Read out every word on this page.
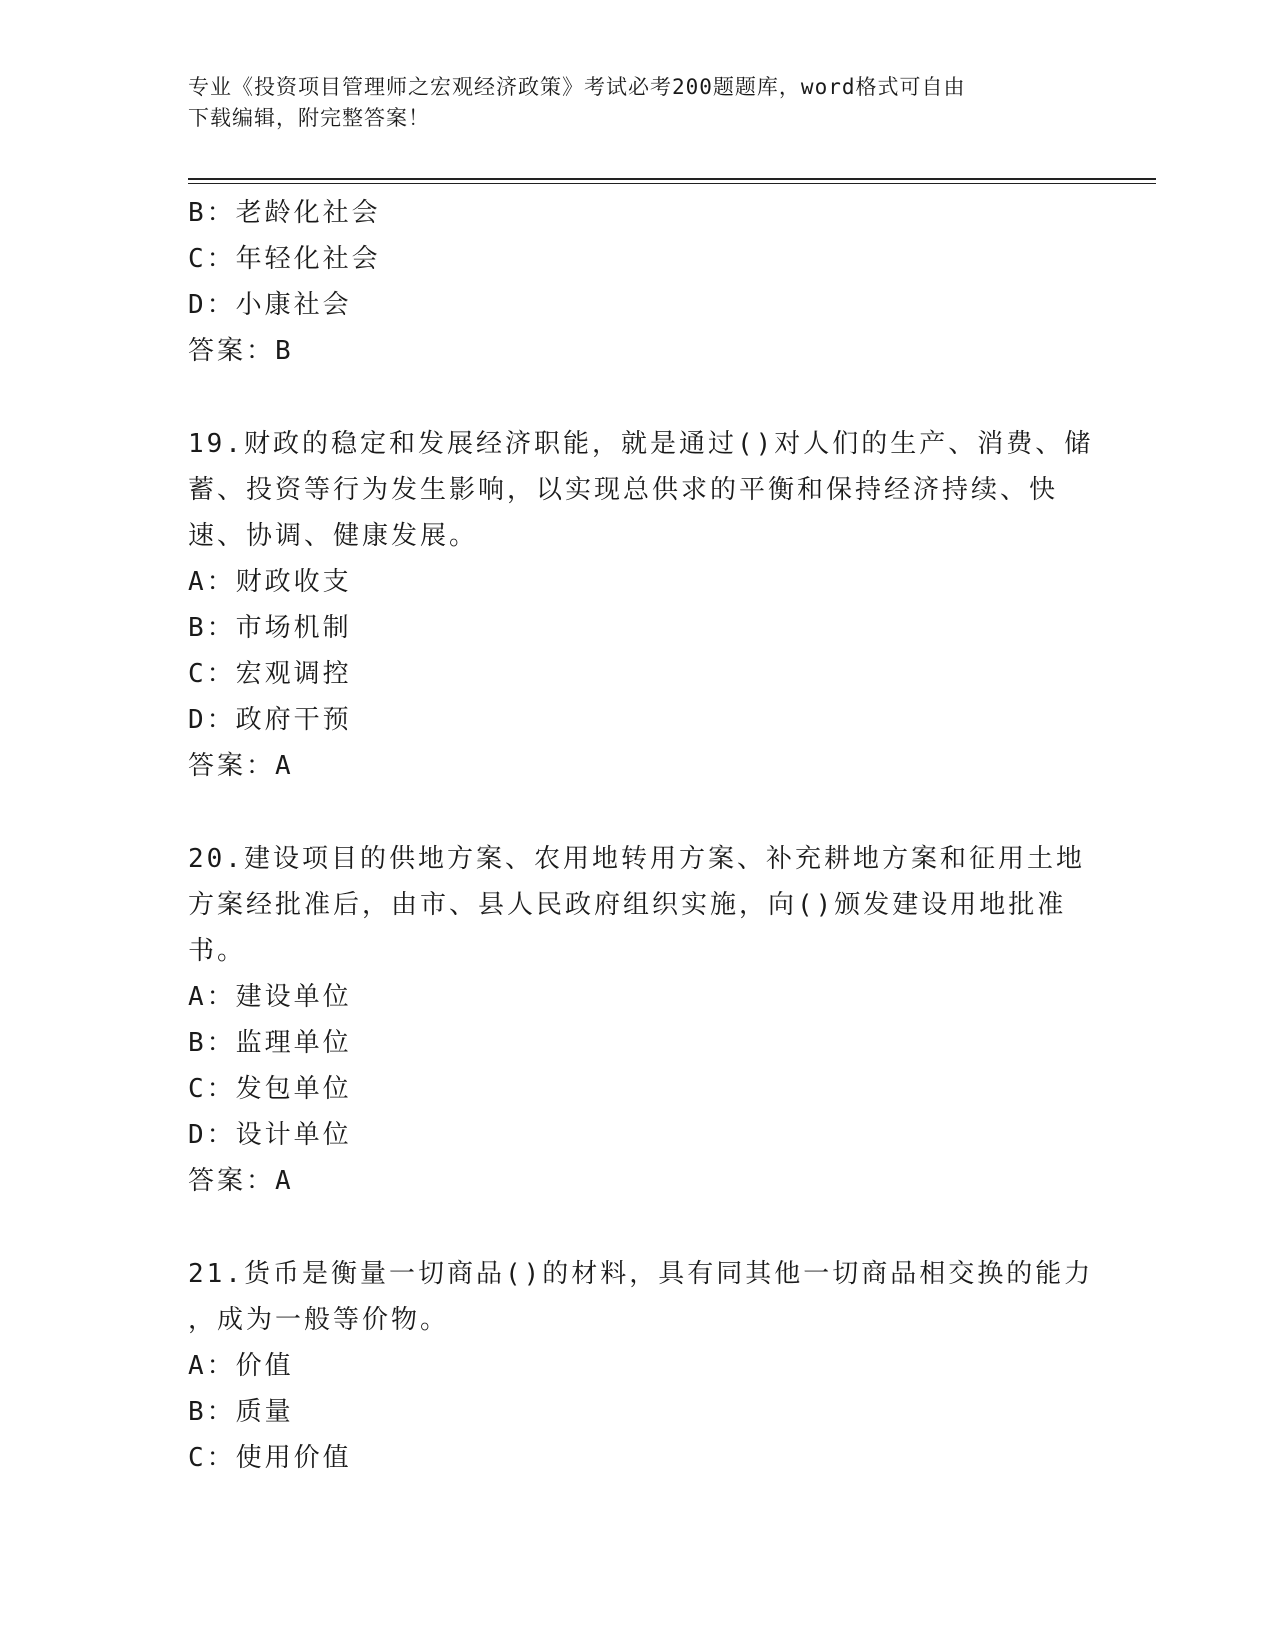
专业《投资项目管理师之宏观经济政策》考试必考200题题库，word格式可自由
下载编辑，附完整答案！
B：老龄化社会
C：年轻化社会
D：小康社会
答案：B
19.财政的稳定和发展经济职能，就是通过()对人们的生产、消费、储
蓄、投资等行为发生影响，以实现总供求的平衡和保持经济持续、快
速、协调、健康发展。
A：财政收支
B：市场机制
C：宏观调控
D：政府干预
答案：A
20.建设项目的供地方案、农用地转用方案、补充耕地方案和征用土地
方案经批准后，由市、县人民政府组织实施，向()颁发建设用地批准
书。
A：建设单位
B：监理单位
C：发包单位
D：设计单位
答案：A
21.货币是衡量一切商品()的材料，具有同其他一切商品相交换的能力
，成为一般等价物。
A：价值
B：质量
C：使用价值
